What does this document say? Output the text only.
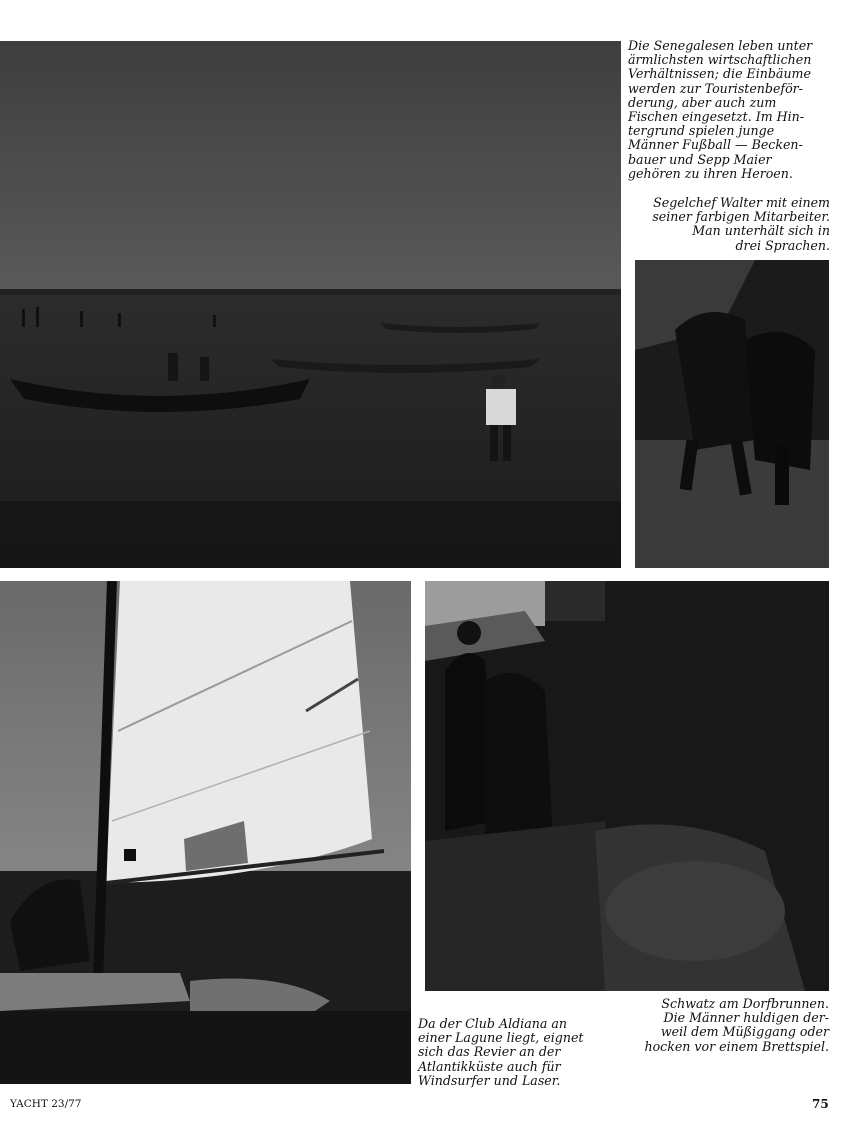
Die Senegalesen leben unter
ärmlichsten wirtschaftlichen
Verhältnissen; die Einbäume
werden zur Touristenbeför-
derung, aber auch zum
Fischen eingesetzt. Im Hin-
tergrund spielen junge
Männer Fußball — Becken-
bauer und Sepp Maier
gehören zu ihren Heroen.

Segelchef Walter mit einem
seiner farbigen Mitarbeiter.
Man unterhält sich in
drei Sprachen.

Schwatz am Dorfbrunnen.
Die Männer huldigen der-
weil dem Müßiggang oder
hocken vor einem Brettspiel.

Da der Club Aldiana an
einer Lagune liegt, eignet
sich das Revier an der
Atlantikküste auch für
Windsurfer und Laser.

YACHT 23/77	75
